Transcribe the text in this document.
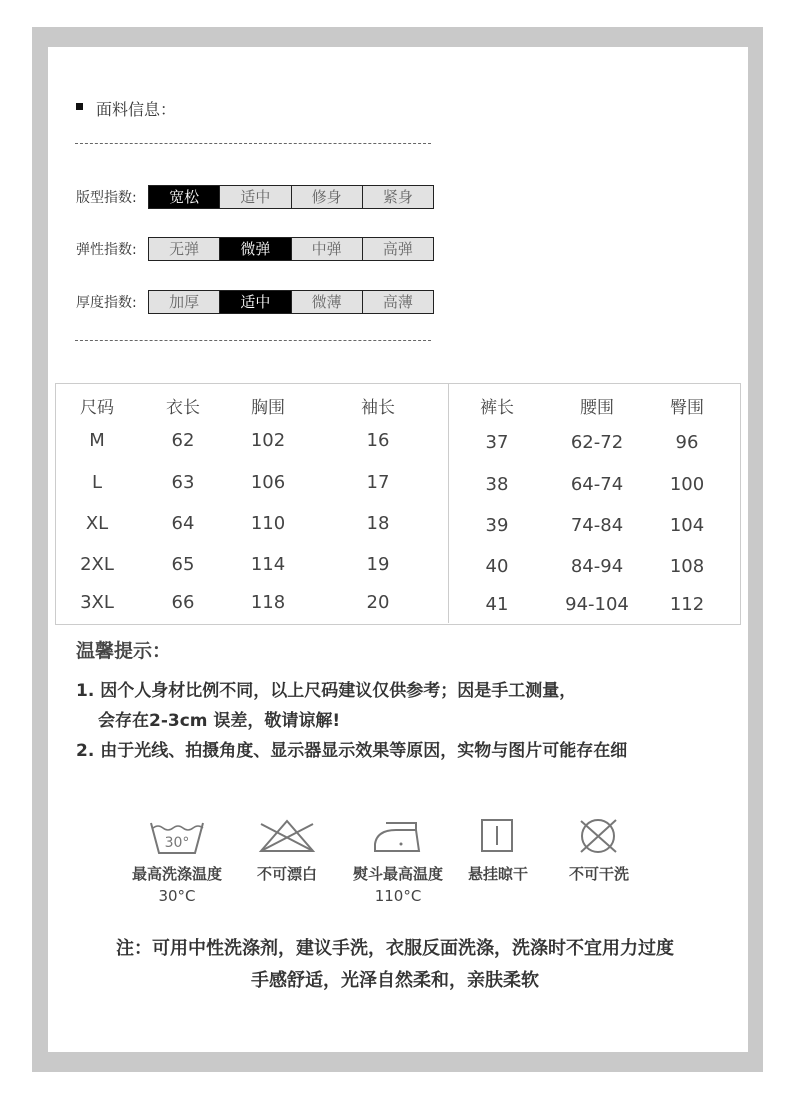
面料信息：
版型指数:	宽松	适中	修身	紧身
弹性指数:	无弹	微弹	中弹	高弹
厚度指数:	加厚	适中	微薄	高薄
尺码	衣长	胸围	袖长	裤长	腰围	臀围
M	62	102	16	37	62-72	96
L	63	106	17	38	64-74	100
XL	64	110	18	39	74-84	104
2XL	65	114	19	40	84-94	108
3XL	66	118	20	41	94-104 112
温馨提示：
1. 因个人身材比例不同，以上尺码建议仅供参考；因是手工测量，
会存在2-3cm 误差，敬请谅解!
2. 由于光线、拍摄角度、显示器显示效果等原因，实物与图片可能存在细
30°
最高洗涤温度
30°C
不可漂白 熨斗最高温度
110°C
悬挂晾干	不可干洗
注：可用中性洗涤剂，建议手洗，衣服反面洗涤，洗涤时不宜用力过度
手感舒适，光泽自然柔和，亲肤柔软
